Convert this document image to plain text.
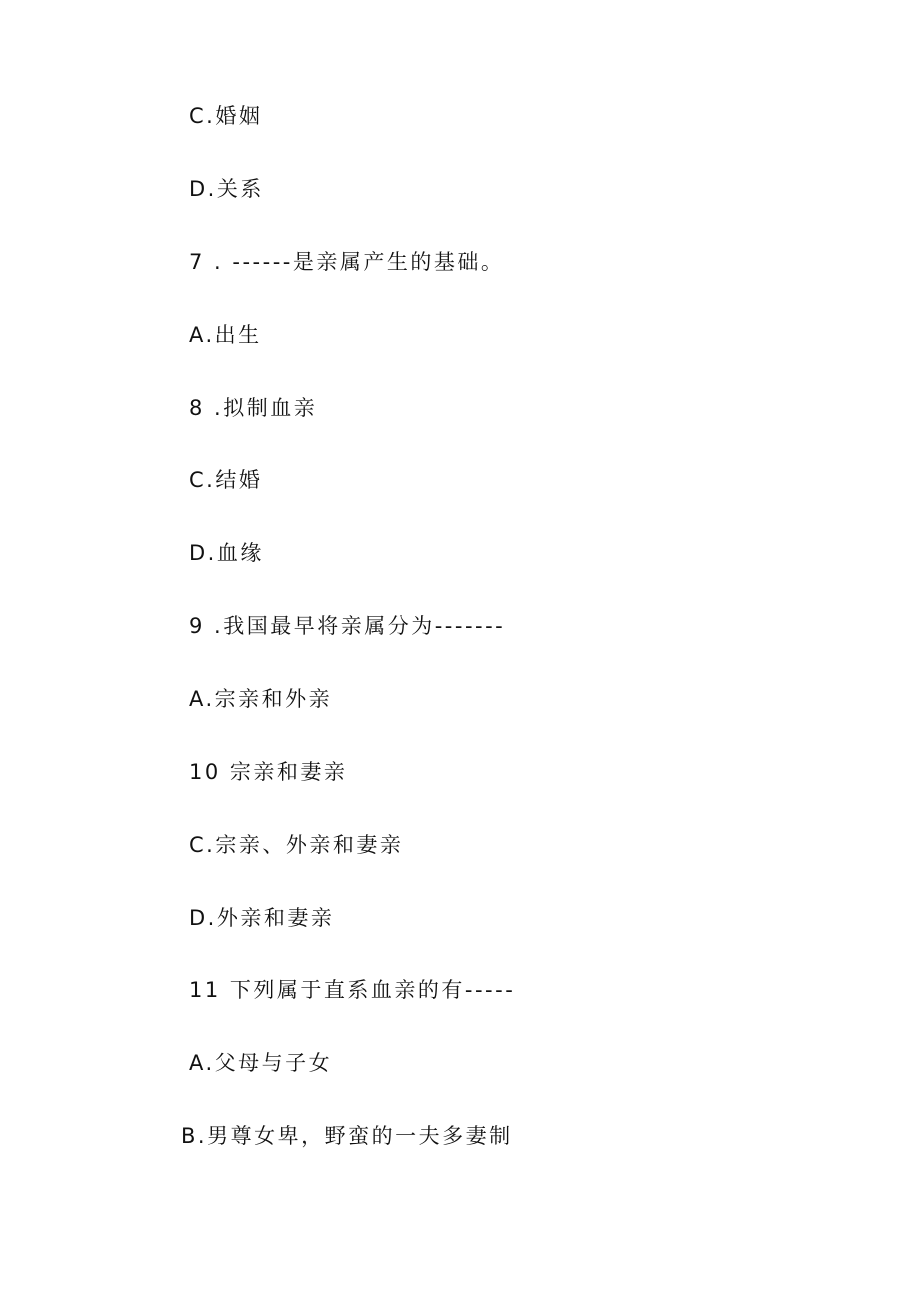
C.婚姻
D.关系
7 . ------是亲属产生的基础。
A.出生
8 .拟制血亲
C.结婚
D.血缘
9 .我国最早将亲属分为-------
A.宗亲和外亲
10 宗亲和妻亲
C.宗亲、外亲和妻亲
D.外亲和妻亲
11 下列属于直系血亲的有-----
A.父母与子女
B.男尊女卑，野蛮的一夫多妻制
